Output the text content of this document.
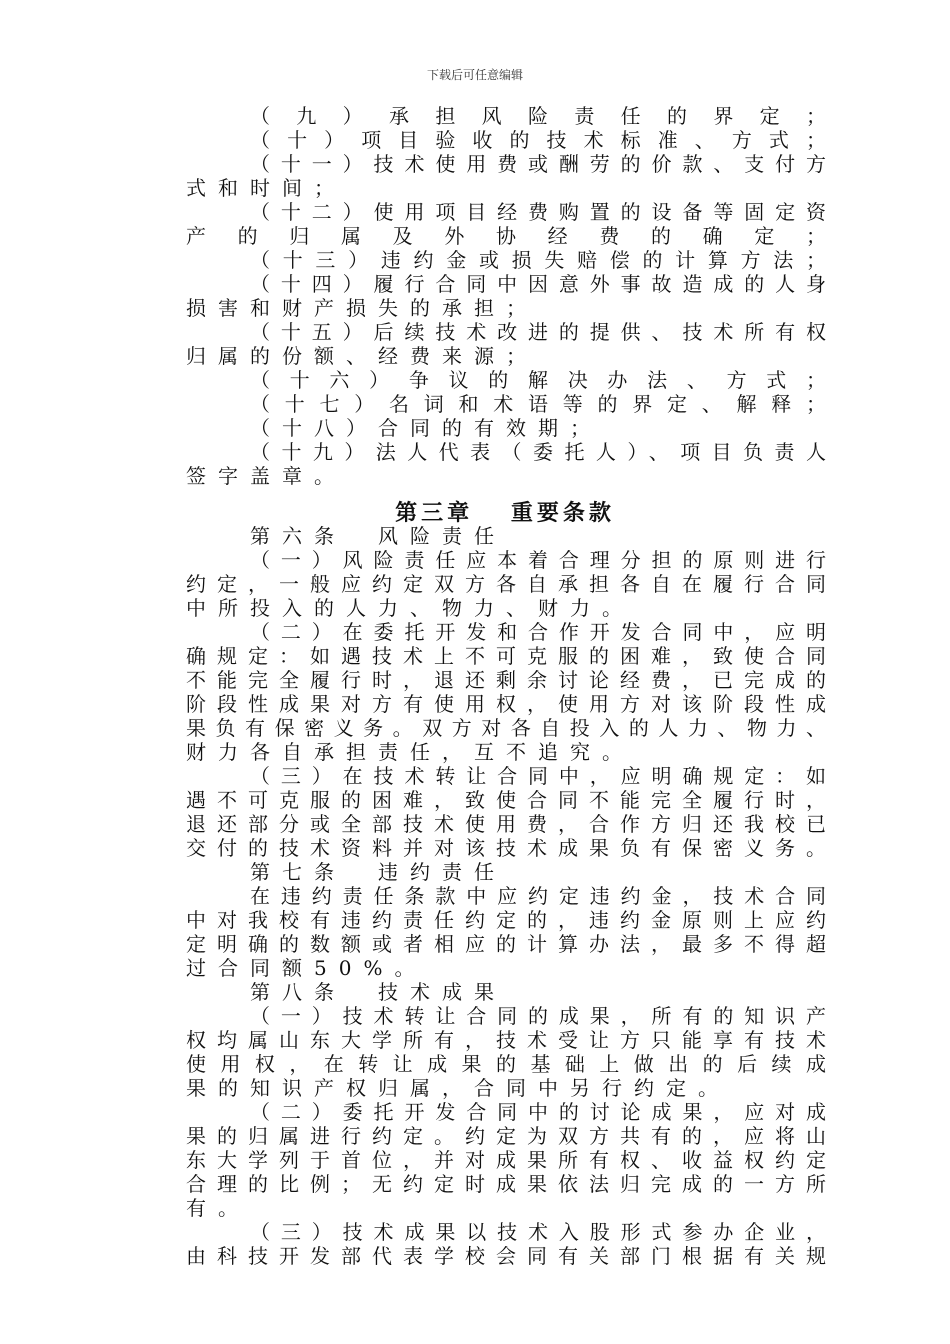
下载后可任意编辑
（九）承担风险责任的界定；
（十）项目验收的技术标准、方式；
（十一）技术使用费或酬劳的价款、支付方
式和时间；
（十二）使用项目经费购置的设备等固定资
产的归属及外协经费的确定；
（十三）违约金或损失赔偿的计算方法；
（十四）履行合同中因意外事故造成的人身
损害和财产损失的承担；
（十五）后续技术改进的提供、技术所有权
归属的份额、经费来源；
（十六）争议的解决办法、方式；
（十七）名词和术语等的界定、解释；
（十八）合同的有效期；
（十九）法人代表（委托人）、项目负责人
签字盖章。
第三章　 重要条款
第六条　风险责任
（一）风险责任应本着合理分担的原则进行
约定，一般应约定双方各自承担各自在履行合同
中所投入的人力、物力、财力。
（二）在委托开发和合作开发合同中，应明
确规定：如遇技术上不可克服的困难，致使合同
不能完全履行时，退还剩余讨论经费，已完成的
阶段性成果对方有使用权，使用方对该阶段性成
果负有保密义务。双方对各自投入的人力、物力、
财力各自承担责任，互不追究。
（三）在技术转让合同中，应明确规定：如
遇不可克服的困难，致使合同不能完全履行时，
退还部分或全部技术使用费，合作方归还我校已
交付的技术资料并对该技术成果负有保密义务。
第七条　违约责任
在违约责任条款中应约定违约金，技术合同
中对我校有违约责任约定的，违约金原则上应约
定明确的数额或者相应的计算办法，最多不得超
过合同额50%。
第八条　技术成果
（一）技术转让合同的成果，所有的知识产
权均属山东大学所有，技术受让方只能享有技术
使用权，在转让成果的基础上做出的后续成
果的知识产权归属，合同中另行约定。
（二）委托开发合同中的讨论成果，应对成
果的归属进行约定。约定为双方共有的，应将山
东大学列于首位，并对成果所有权、收益权约定
合理的比例；无约定时成果依法归完成的一方所
有。
（三）技术成果以技术入股形式参办企业，
由科技开发部代表学校会同有关部门根据有关规
